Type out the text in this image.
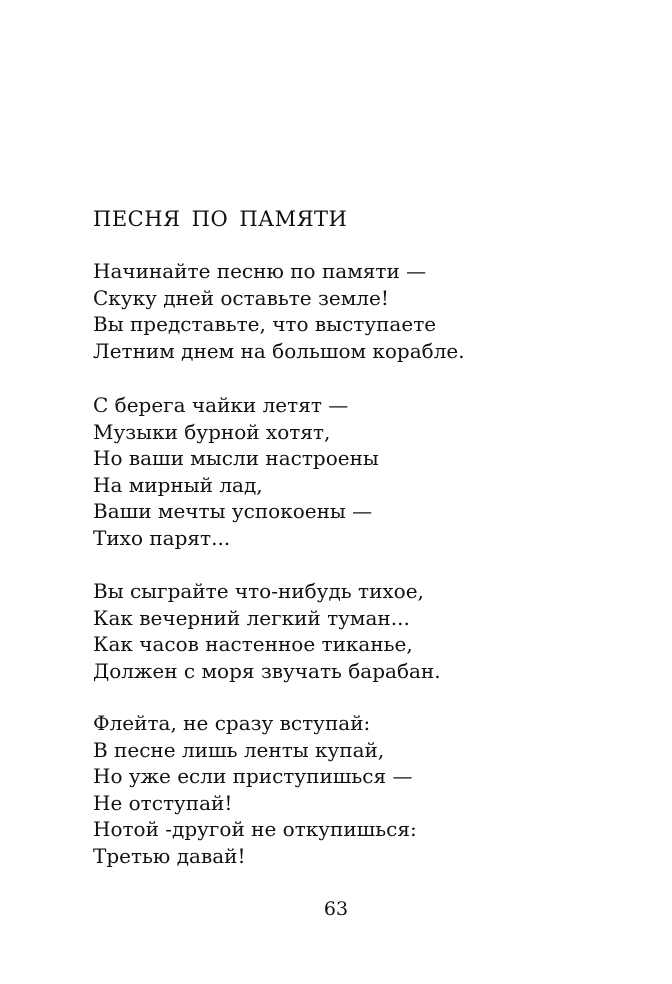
ПЕСНЯ ПО ПАМЯТИ
Начинайте песню по памяти —
Скуку дней оставьте земле!
Вы представьте, что выступаете
Летним днем на большом корабле.
С берега чайки летят —
Музыки бурной хотят,
Но ваши мысли настроены
На мирный лад,
Ваши мечты успокоены —
Тихо парят...
Вы сыграйте что-нибудь тихое,
Как вечерний легкий туман...
Как часов настенное тиканье,
Должен с моря звучать барабан.
Флейта, не сразу вступай:
В песне лишь ленты купай,
Но уже если приступишься —
Не отступай!
Нотой -другой не откупишься:
Третью давай!
63
